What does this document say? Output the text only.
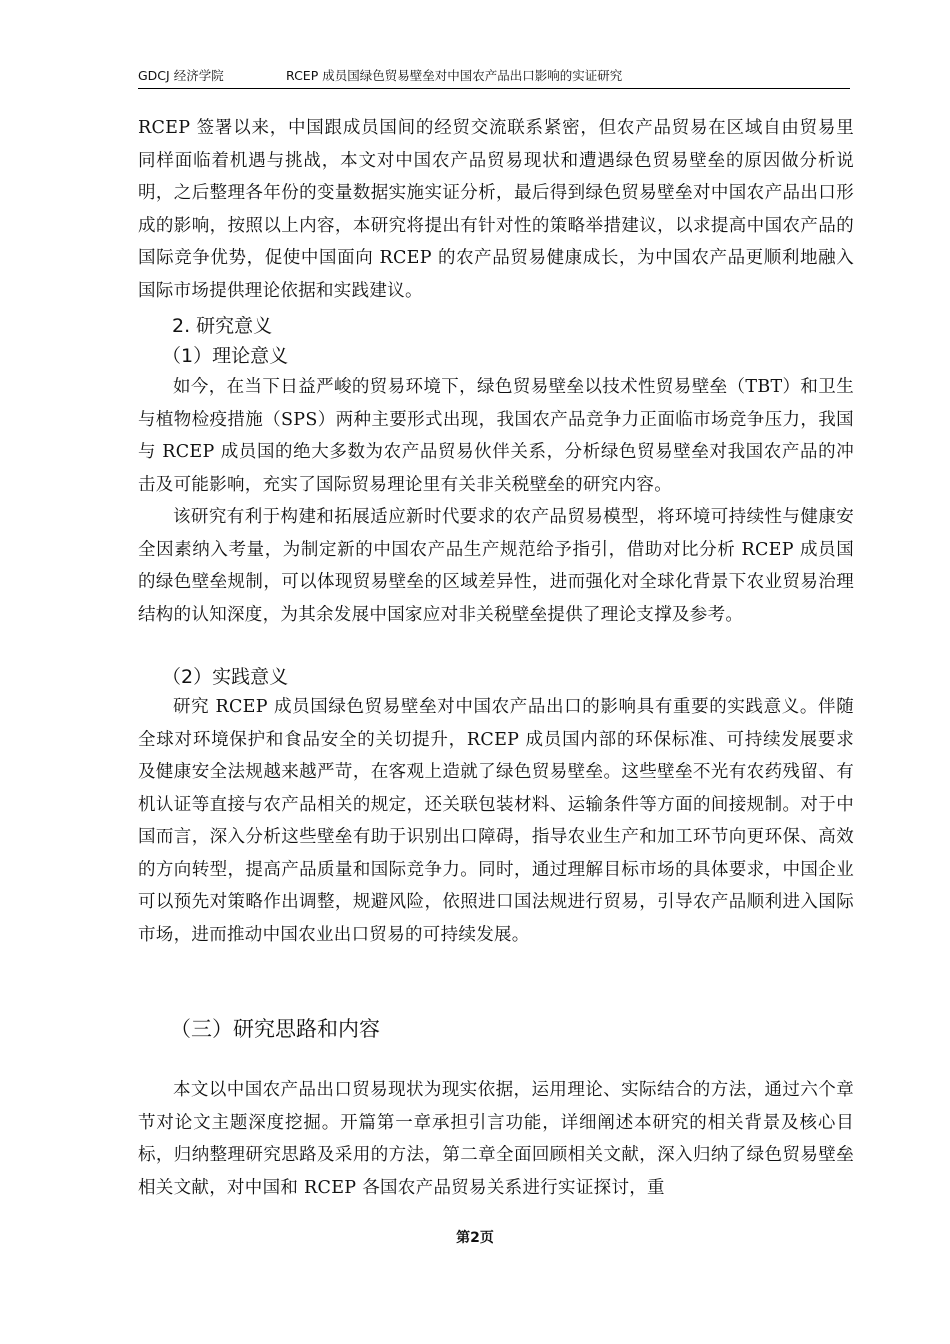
GDCJ 经济学院	RCEP 成员国绿色贸易壁垒对中国农产品出口影响的实证研究

RCEP 签署以来，中国跟成员国间的经贸交流联系紧密，但农产品贸易在区域自由贸易里同样面临着机遇与挑战，本文对中国农产品贸易现状和遭遇绿色贸易壁垒的原因做分析说明，之后整理各年份的变量数据实施实证分析，最后得到绿色贸易壁垒对中国农产品出口形成的影响，按照以上内容，本研究将提出有针对性的策略举措建议，以求提高中国农产品的国际竞争优势，促使中国面向 RCEP 的农产品贸易健康成长，为中国农产品更顺利地融入国际市场提供理论依据和实践建议。

2. 研究意义
（1）理论意义

如今，在当下日益严峻的贸易环境下，绿色贸易壁垒以技术性贸易壁垒（TBT）和卫生与植物检疫措施（SPS）两种主要形式出现，我国农产品竞争力正面临市场竞争压力，我国与 RCEP 成员国的绝大多数为农产品贸易伙伴关系，分析绿色贸易壁垒对我国农产品的冲击及可能影响，充实了国际贸易理论里有关非关税壁垒的研究内容。

该研究有利于构建和拓展适应新时代要求的农产品贸易模型，将环境可持续性与健康安全因素纳入考量，为制定新的中国农产品生产规范给予指引，借助对比分析 RCEP 成员国的绿色壁垒规制，可以体现贸易壁垒的区域差异性，进而强化对全球化背景下农业贸易治理结构的认知深度，为其余发展中国家应对非关税壁垒提供了理论支撑及参考。

（2）实践意义

研究 RCEP 成员国绿色贸易壁垒对中国农产品出口的影响具有重要的实践意义。伴随全球对环境保护和食品安全的关切提升，RCEP 成员国内部的环保标准、可持续发展要求及健康安全法规越来越严苛，在客观上造就了绿色贸易壁垒。这些壁垒不光有农药残留、有机认证等直接与农产品相关的规定，还关联包装材料、运输条件等方面的间接规制。对于中国而言，深入分析这些壁垒有助于识别出口障碍，指导农业生产和加工环节向更环保、高效的方向转型，提高产品质量和国际竞争力。同时，通过理解目标市场的具体要求，中国企业可以预先对策略作出调整，规避风险，依照进口国法规进行贸易，引导农产品顺利进入国际市场，进而推动中国农业出口贸易的可持续发展。

（三）研究思路和内容

本文以中国农产品出口贸易现状为现实依据，运用理论、实际结合的方法，通过六个章节对论文主题深度挖掘。开篇第一章承担引言功能，详细阐述本研究的相关背景及核心目标，归纳整理研究思路及采用的方法，第二章全面回顾相关文献，深入归纳了绿色贸易壁垒相关文献，对中国和 RCEP 各国农产品贸易关系进行实证探讨，重

第2页
